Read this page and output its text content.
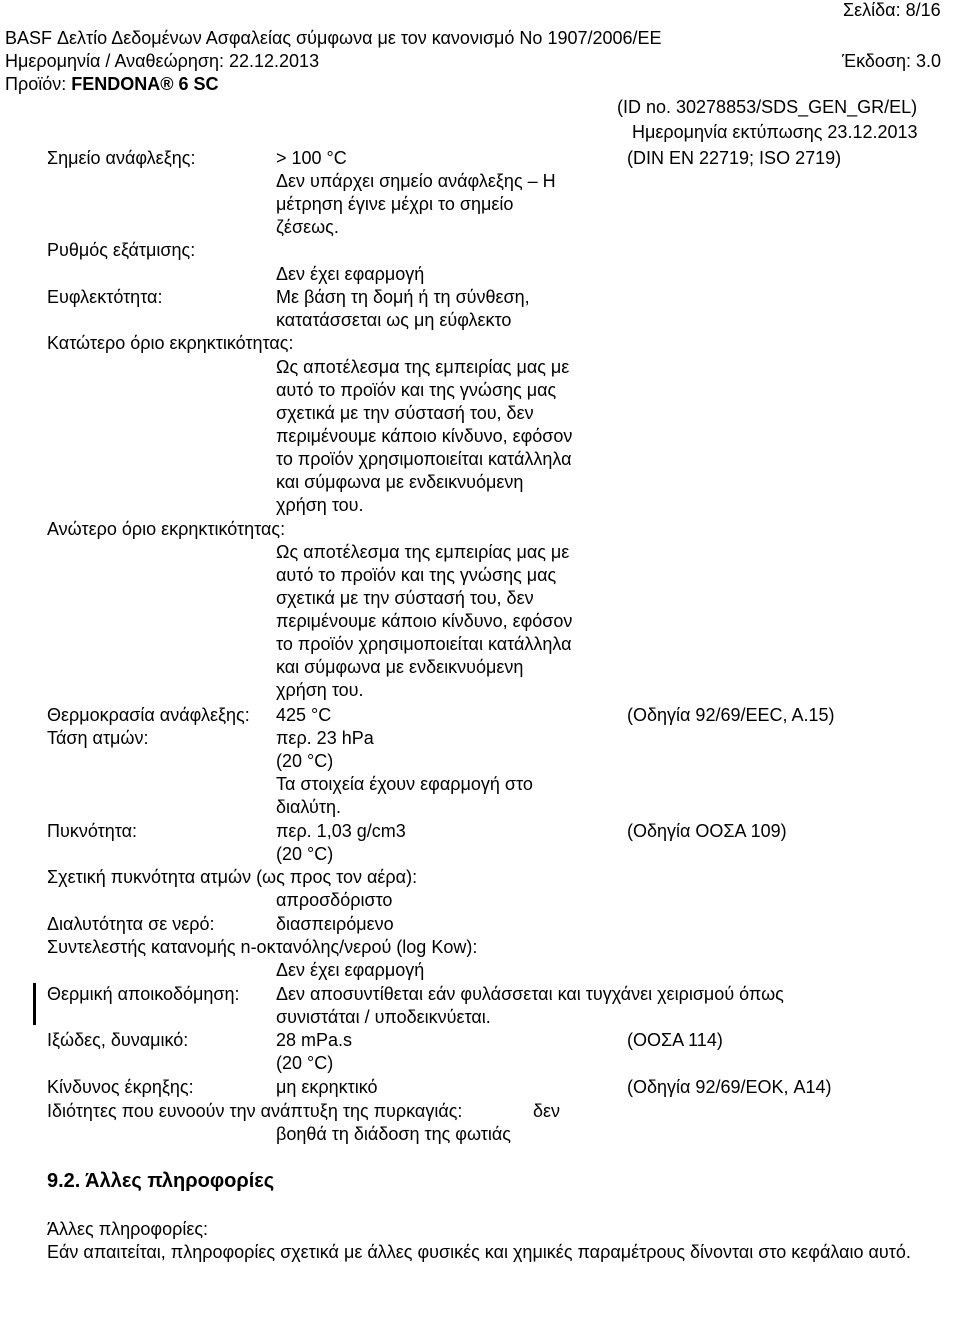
Σελίδα: 8/16
BASF Δελτίο Δεδομένων Ασφαλείας σύμφωνα με τον κανονισμό No 1907/2006/EE
Ημερομηνία / Αναθεώρηση: 22.12.2013	Έκδοση: 3.0
Προϊόν: FENDONA® 6 SC
(ID no. 30278853/SDS_GEN_GR/EL)
Ημερομηνία εκτύπωσης 23.12.2013
Σημείο ανάφλεξης:	> 100 °C	(DIN EN 22719; ISO 2719)
Δεν υπάρχει σημείο ανάφλεξης – Η
μέτρηση έγινε μέχρι το σημείο
ζέσεως.
Ρυθμός εξάτμισης:
Δεν έχει εφαρμογή
Ευφλεκτότητα:	Με βάση τη δομή ή τη σύνθεση,
κατατάσσεται ως μη εύφλεκτο
Κατώτερο όριο εκρηκτικότητας:
Ως αποτέλεσμα της εμπειρίας μας με
αυτό το προϊόν και της γνώσης μας
σχετικά με την σύστασή του, δεν
περιμένουμε κάποιο κίνδυνο, εφόσον
το προϊόν χρησιμοποιείται κατάλληλα
και σύμφωνα με ενδεικνυόμενη
χρήση του.
Ανώτερο όριο εκρηκτικότητας:
Ως αποτέλεσμα της εμπειρίας μας με
αυτό το προϊόν και της γνώσης μας
σχετικά με την σύστασή του, δεν
περιμένουμε κάποιο κίνδυνο, εφόσον
το προϊόν χρησιμοποιείται κατάλληλα
και σύμφωνα με ενδεικνυόμενη
χρήση του.
Θερμοκρασία ανάφλεξης: 425 °C	(Οδηγία 92/69/EEC, A.15)
Τάση ατμών:	περ. 23 hPa
(20 °C)
Τα στοιχεία έχουν εφαρμογή στο
διαλύτη.
Πυκνότητα:	περ. 1,03 g/cm3	(Οδηγία ΟΟΣΑ 109)
(20 °C)
Σχετική πυκνότητα ατμών (ως προς τον αέρα):
απροσδόριστο
Διαλυτότητα σε νερό:	διασπειρόμενο
Συντελεστής κατανομής n-οκτανόλης/νερού (log Kow):
Δεν έχει εφαρμογή
Θερμική αποικοδόμηση: Δεν αποσυντίθεται εάν φυλάσσεται και τυγχάνει χειρισμού όπως
συνιστάται / υποδεικνύεται.
Ιξώδες, δυναμικό:	28 mPa.s	(ΟΟΣΑ 114)
(20 °C)
Κίνδυνος έκρηξης:	μη εκρηκτικό	(Οδηγία 92/69/ΕΟΚ, A14)
Ιδιότητες που ευνοούν την ανάπτυξη της πυρκαγιάς:	δεν
βοηθά τη διάδοση της φωτιάς
9.2. Άλλες πληροφορίες
Άλλες πληροφορίες:
Εάν απαιτείται, πληροφορίες σχετικά με άλλες φυσικές και χημικές παραμέτρους δίνονται στο κεφάλαιο αυτό.
